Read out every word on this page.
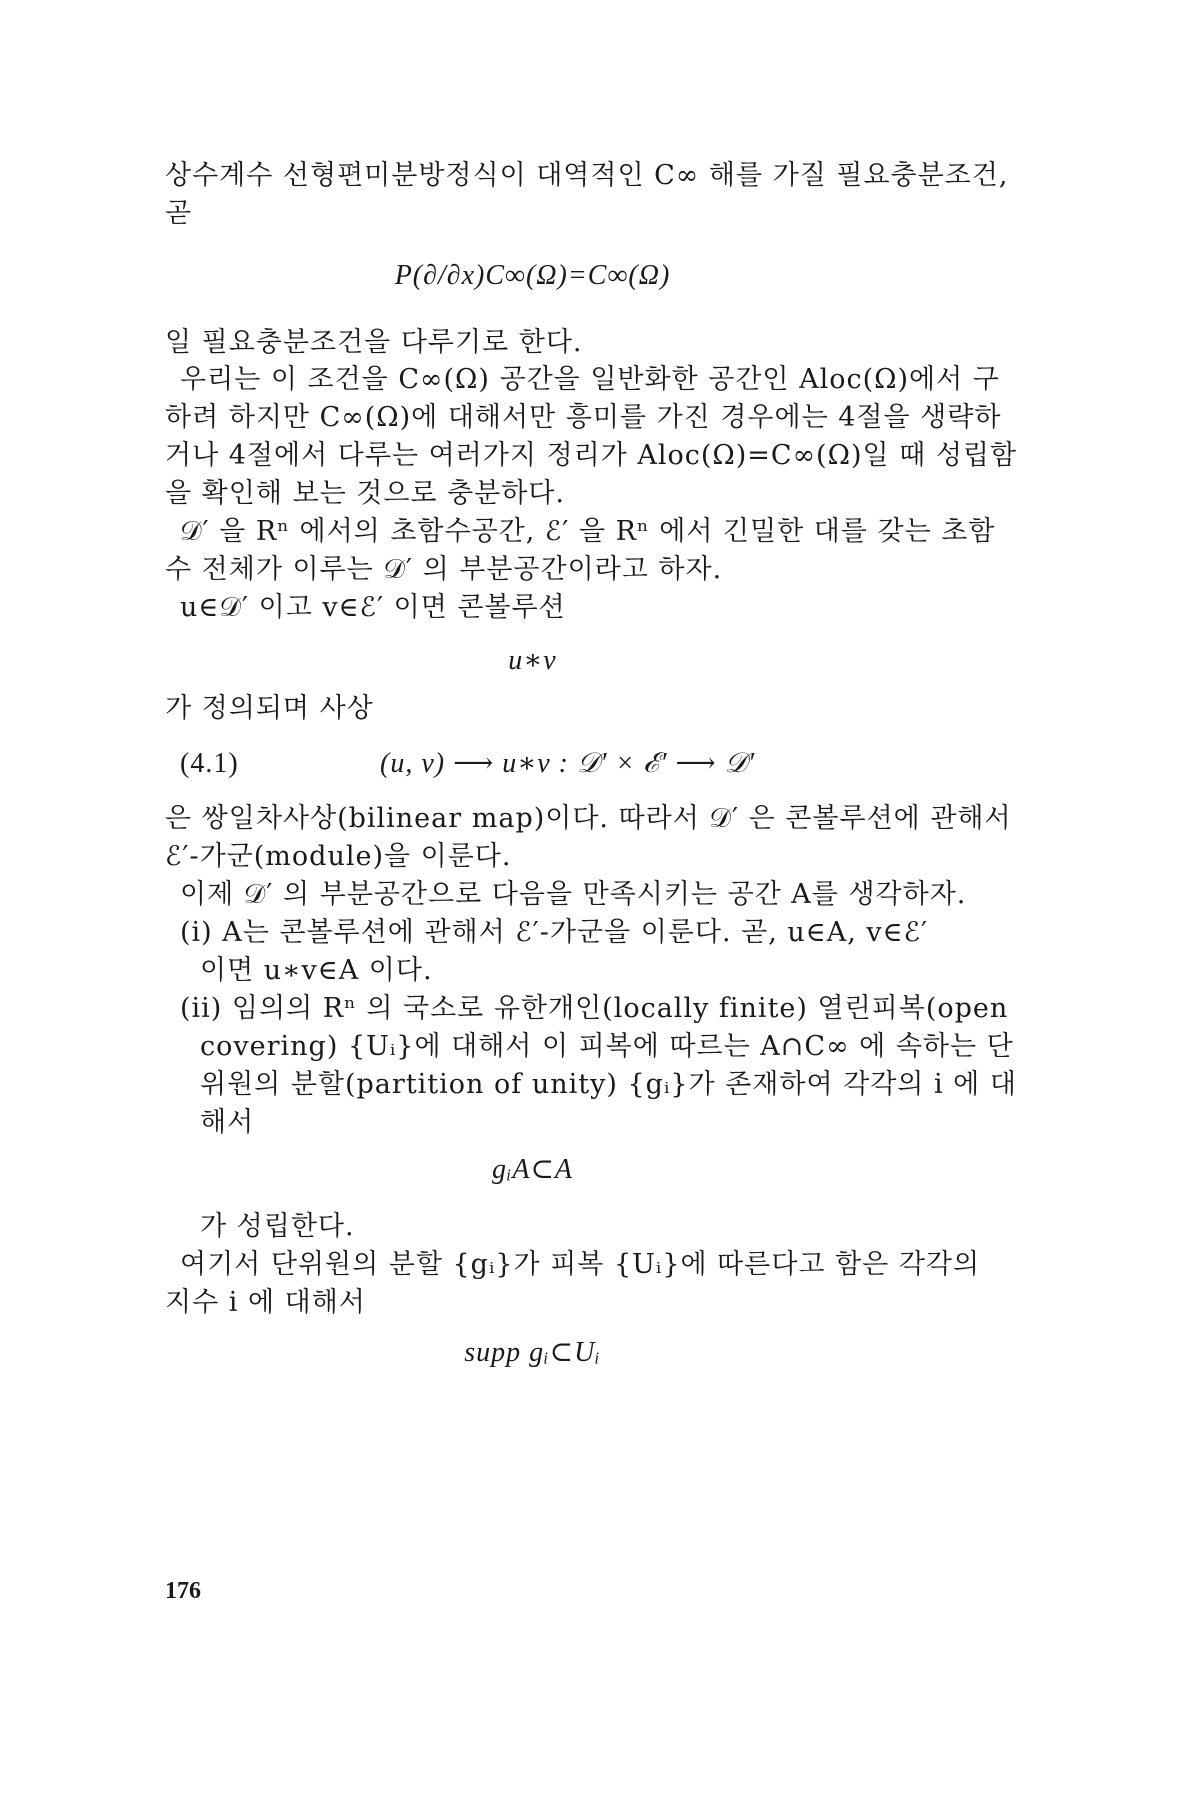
상수계수 선형편미분방정식이 대역적인 C∞ 해를 가질 필요충분조건,
곧
P(∂/∂x)C∞(Ω)=C∞(Ω)
일 필요충분조건을 다루기로 한다.
우리는 이 조건을 C∞(Ω) 공간을 일반화한 공간인 Aloc(Ω)에서 구
하려 하지만 C∞(Ω)에 대해서만 흥미를 가진 경우에는 4절을 생략하
거나 4절에서 다루는 여러가지 정리가 Aloc(Ω)=C∞(Ω)일 때 성립함
을 확인해 보는 것으로 충분하다.
𝒟′ 을 Rⁿ 에서의 초함수공간, ℰ′ 을 Rⁿ 에서 긴밀한 대를 갖는 초함
수 전체가 이루는 𝒟′ 의 부분공간이라고 하자.
u∈𝒟′ 이고 v∈ℰ′ 이면 콘볼루션
u∗v
가 정의되며 사상
(4.1)	(u, v) ⟶ u∗v : 𝒟′ × ℰ′ ⟶ 𝒟′
은 쌍일차사상(bilinear map)이다. 따라서 𝒟′ 은 콘볼루션에 관해서
ℰ′-가군(module)을 이룬다.
이제 𝒟′ 의 부분공간으로 다음을 만족시키는 공간 A를 생각하자.
(i) A는 콘볼루션에 관해서 ℰ′-가군을 이룬다. 곧, u∈A, v∈ℰ′
이면 u∗v∈A 이다.
(ii) 임의의 Rⁿ 의 국소로 유한개인(locally finite) 열린피복(open
covering) {Uᵢ}에 대해서 이 피복에 따르는 A∩C∞ 에 속하는 단
위원의 분할(partition of unity) {gᵢ}가 존재하여 각각의 i 에 대
해서
gᵢA⊂A
가 성립한다.
여기서 단위원의 분할 {gᵢ}가 피복 {Uᵢ}에 따른다고 함은 각각의
지수 i 에 대해서
supp gᵢ⊂Uᵢ
176
